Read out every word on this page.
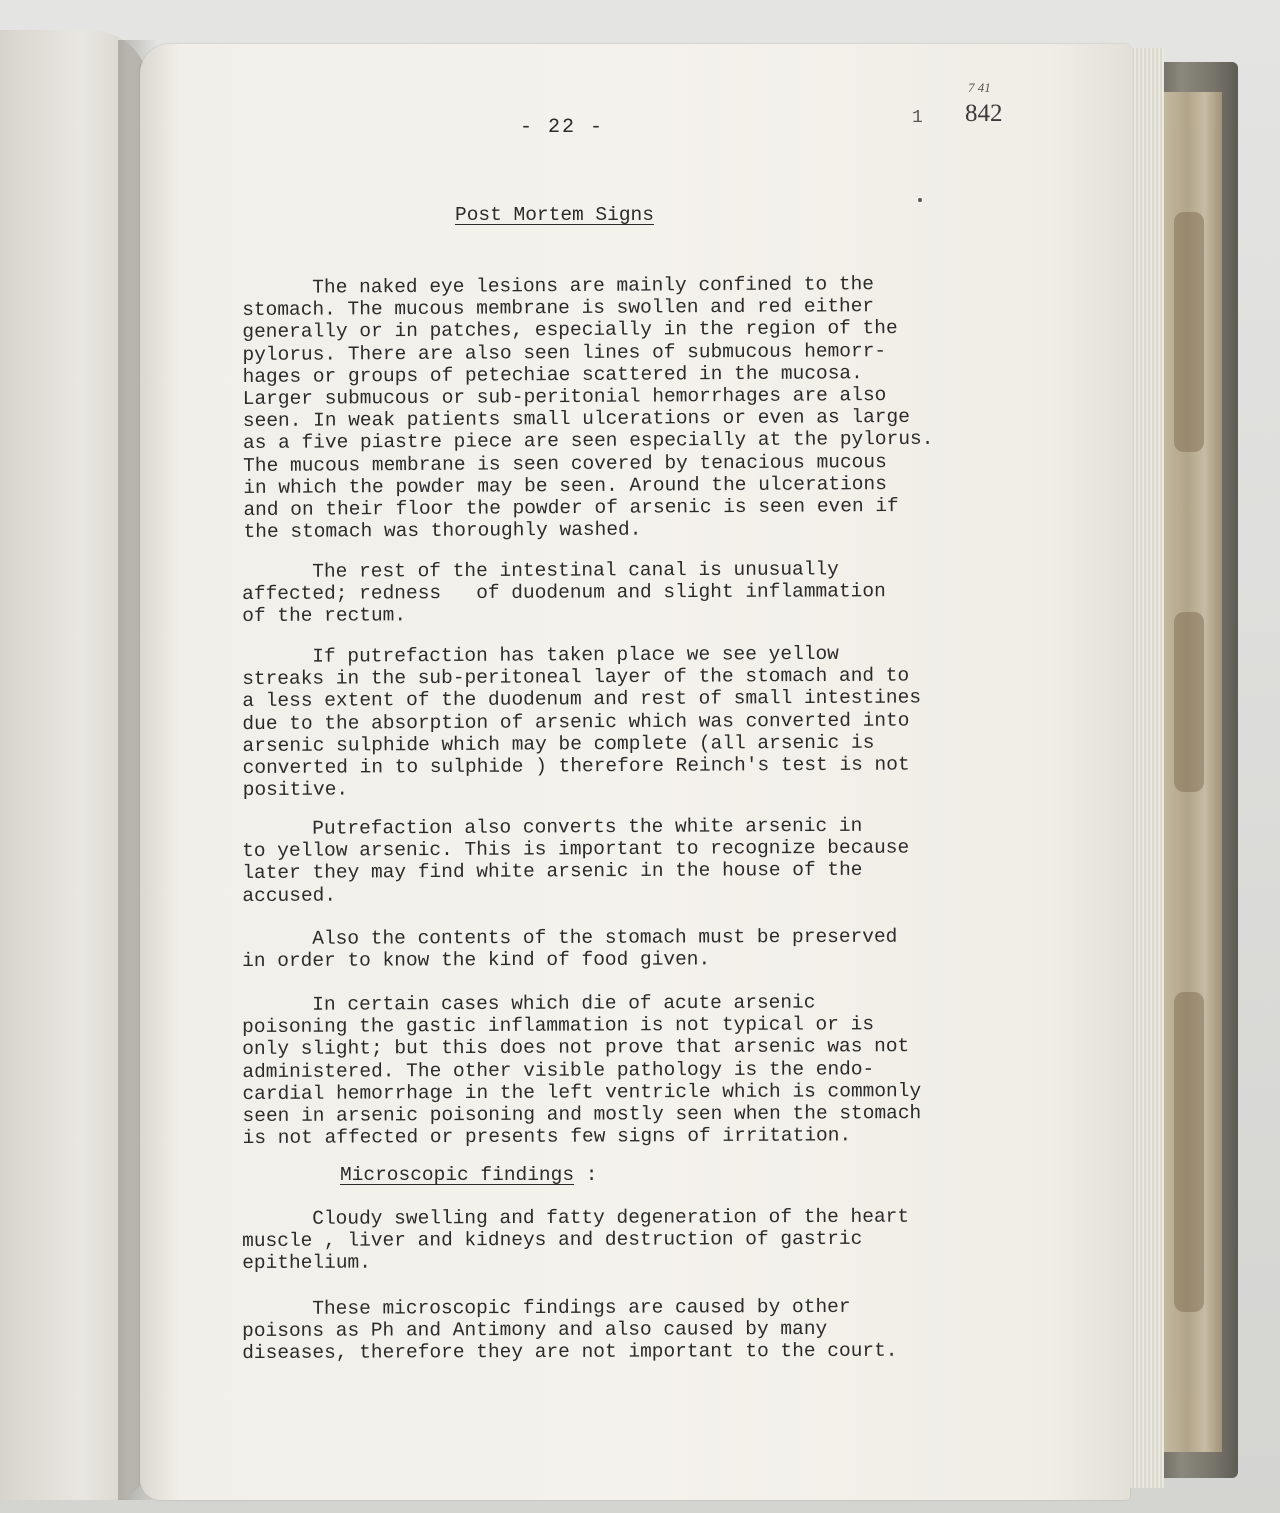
- 22 -
7 41
842
1
Post Mortem Signs
The naked eye lesions are mainly confined to the
stomach. The mucous membrane is swollen and red either
generally or in patches, especially in the region of the
pylorus. There are also seen lines of submucous hemorr-
hages or groups of petechiae scattered in the mucosa.
Larger submucous or sub-peritonial hemorrhages are also
seen. In weak patients small ulcerations or even as large
as a five piastre piece are seen especially at the pylorus.
The mucous membrane is seen covered by tenacious mucous
in which the powder may be seen. Around the ulcerations
and on their floor the powder of arsenic is seen even if
the stomach was thoroughly washed.
The rest of the intestinal canal is unusually
affected; redness   of duodenum and slight inflammation
of the rectum.
If putrefaction has taken place we see yellow
streaks in the sub-peritoneal layer of the stomach and to
a less extent of the duodenum and rest of small intestines
due to the absorption of arsenic which was converted into
arsenic sulphide which may be complete (all arsenic is
converted in to sulphide ) therefore Reinch's test is not
positive.
Putrefaction also converts the white arsenic in
to yellow arsenic. This is important to recognize because
later they may find white arsenic in the house of the
accused.
Also the contents of the stomach must be preserved
in order to know the kind of food given.
In certain cases which die of acute arsenic
poisoning the gastic inflammation is not typical or is
only slight; but this does not prove that arsenic was not
administered. The other visible pathology is the endo-
cardial hemorrhage in the left ventricle which is commonly
seen in arsenic poisoning and mostly seen when the stomach
is not affected or presents few signs of irritation.
Microscopic findings :
Cloudy swelling and fatty degeneration of the heart
muscle , liver and kidneys and destruction of gastric
epithelium.
These microscopic findings are caused by other
poisons as Ph and Antimony and also caused by many
diseases, therefore they are not important to the court.
